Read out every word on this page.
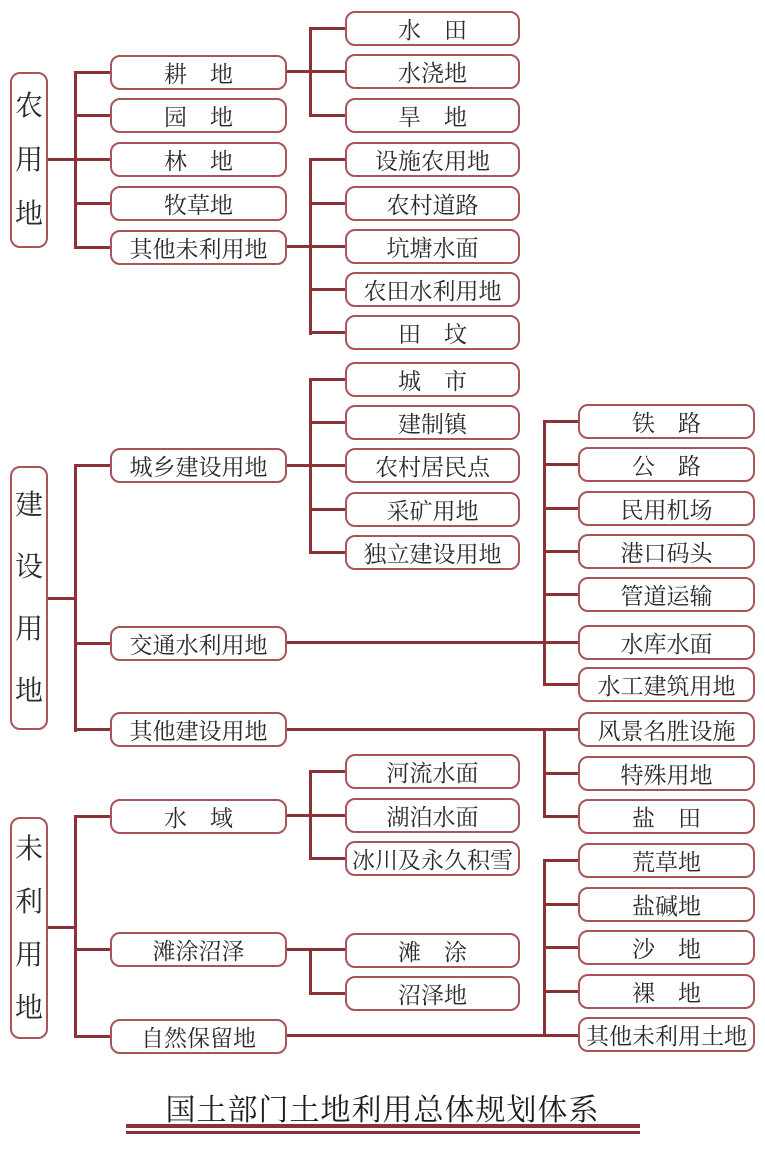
农用地
建设用地
未利用地
耕　地
园　地
林　地
牧草地
其他未利用地
城乡建设用地
交通水利用地
其他建设用地
水　域
滩涂沼泽
自然保留地
水　田
水浇地
旱　地
设施农用地
农村道路
坑塘水面
农田水利用地
田　坟
城　市
建制镇
农村居民点
采矿用地
独立建设用地
河流水面
湖泊水面
冰川及永久积雪
滩　涂
沼泽地
铁　路
公　路
民用机场
港口码头
管道运输
水库水面
水工建筑用地
风景名胜设施
特殊用地
盐　田
荒草地
盐碱地
沙　地
裸　地
其他未利用土地
国土部门土地利用总体规划体系
